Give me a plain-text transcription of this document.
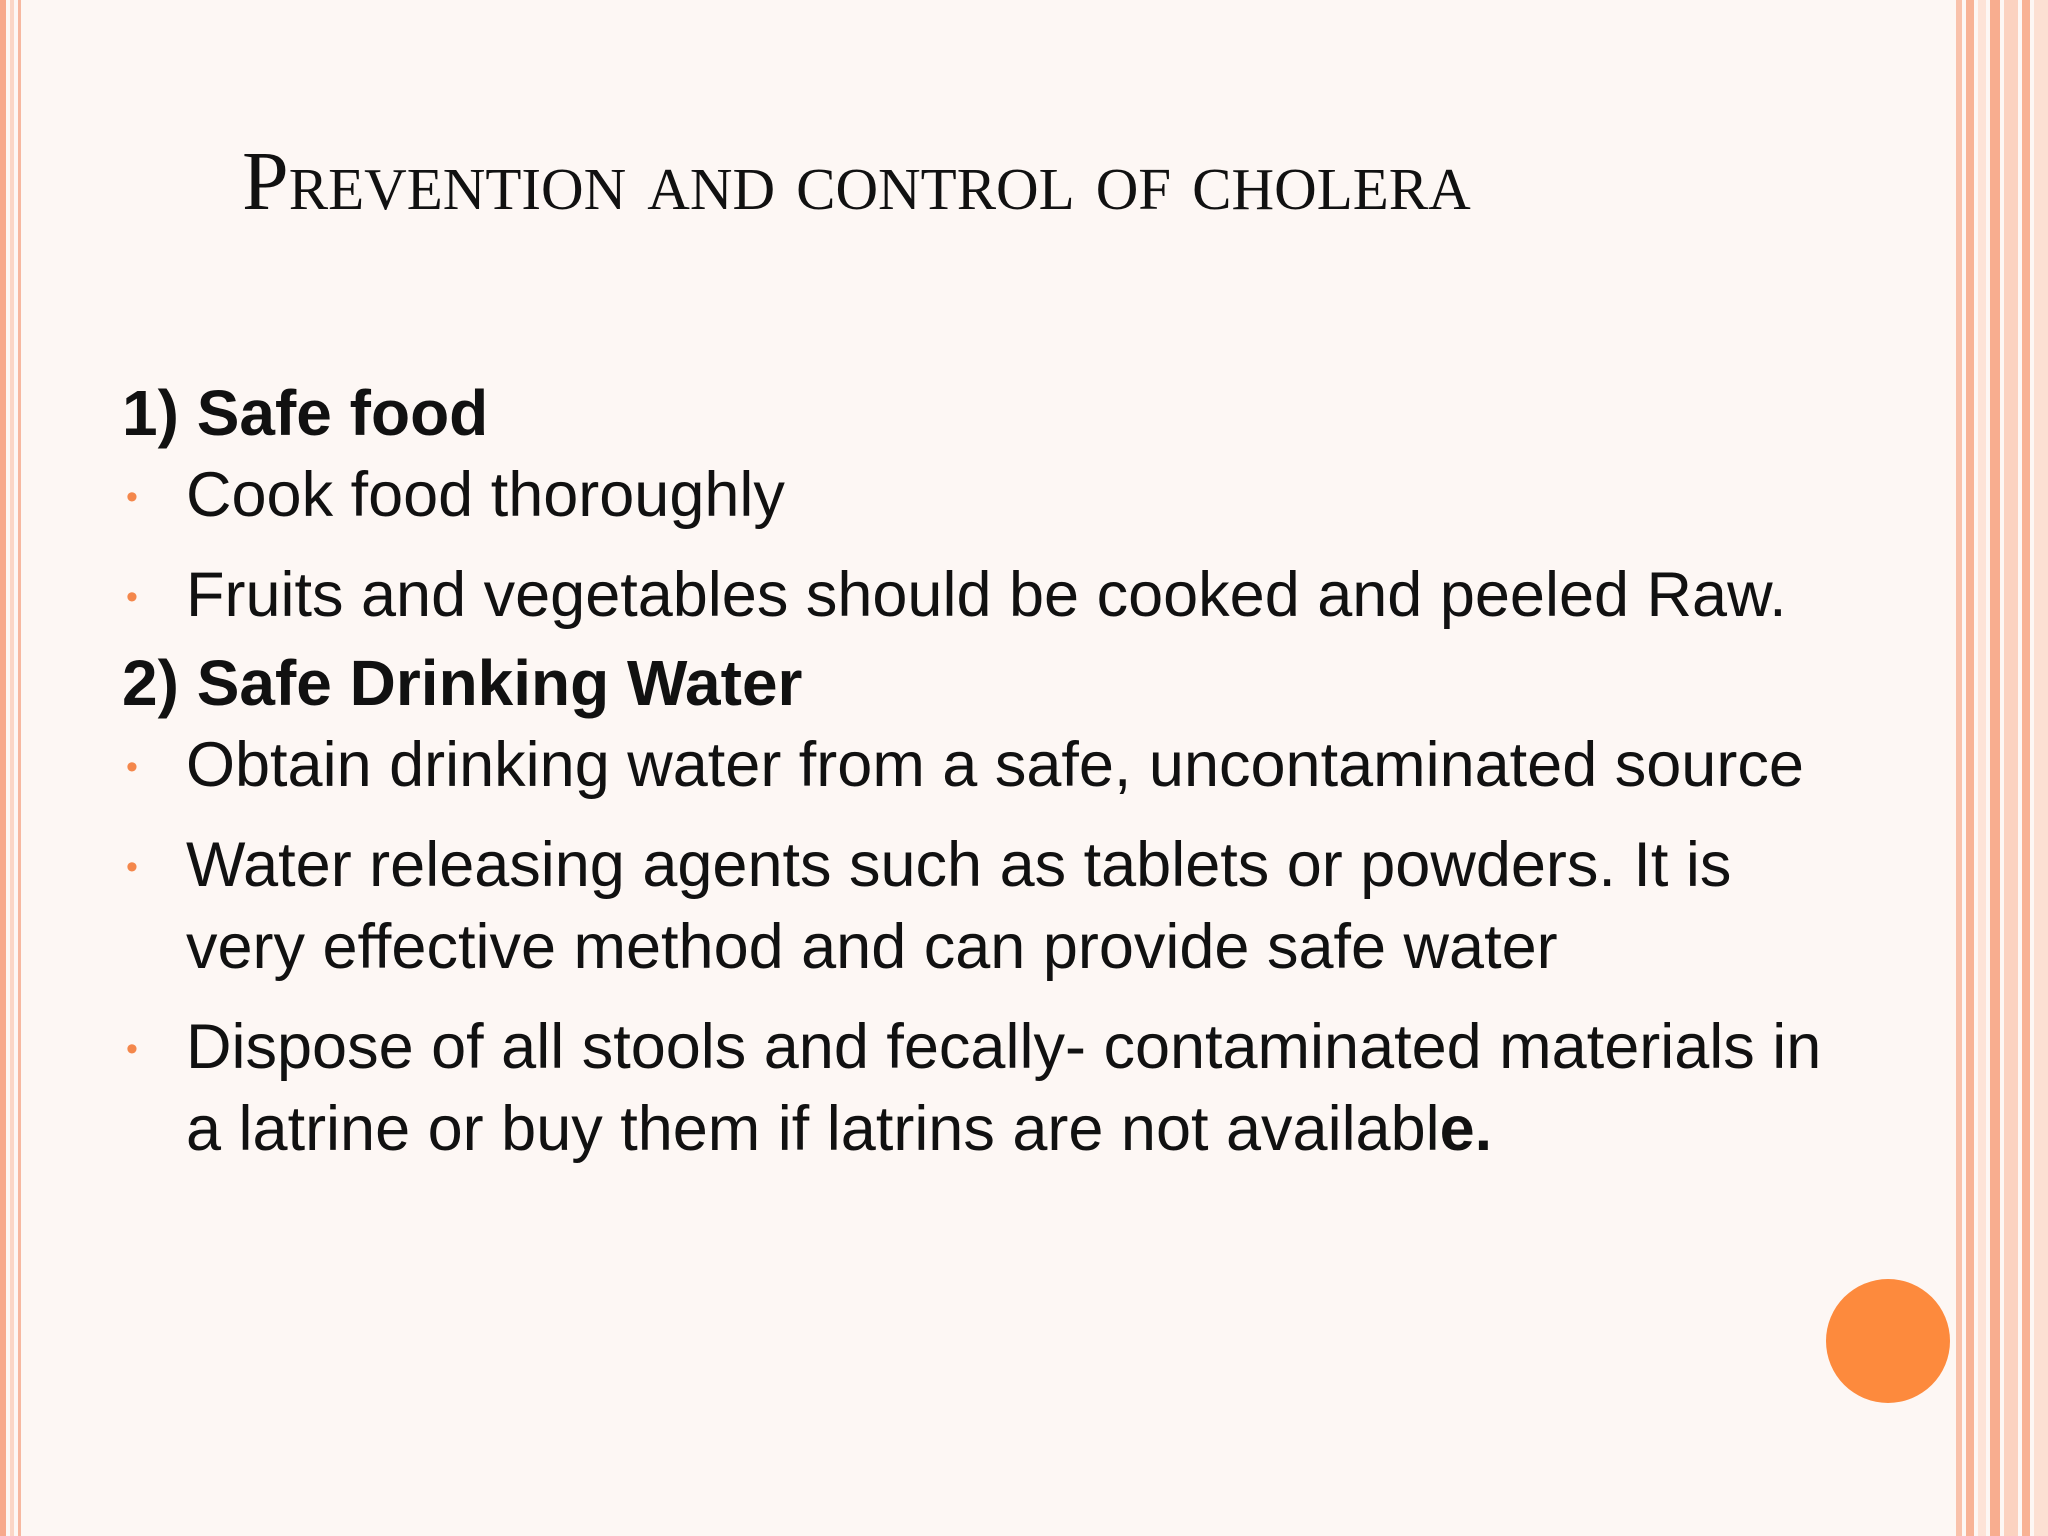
Prevention and control of cholera

1) Safe food

• Cook food thoroughly
• Fruits and vegetables should be cooked and peeled Raw.

2) Safe Drinking Water

• Obtain drinking water from a safe, uncontaminated source
• Water releasing agents such as tablets or powders. It is very effective method and can provide safe water
• Dispose of all stools and fecally- contaminated materials in a latrine or buy them if latrins are not available.
